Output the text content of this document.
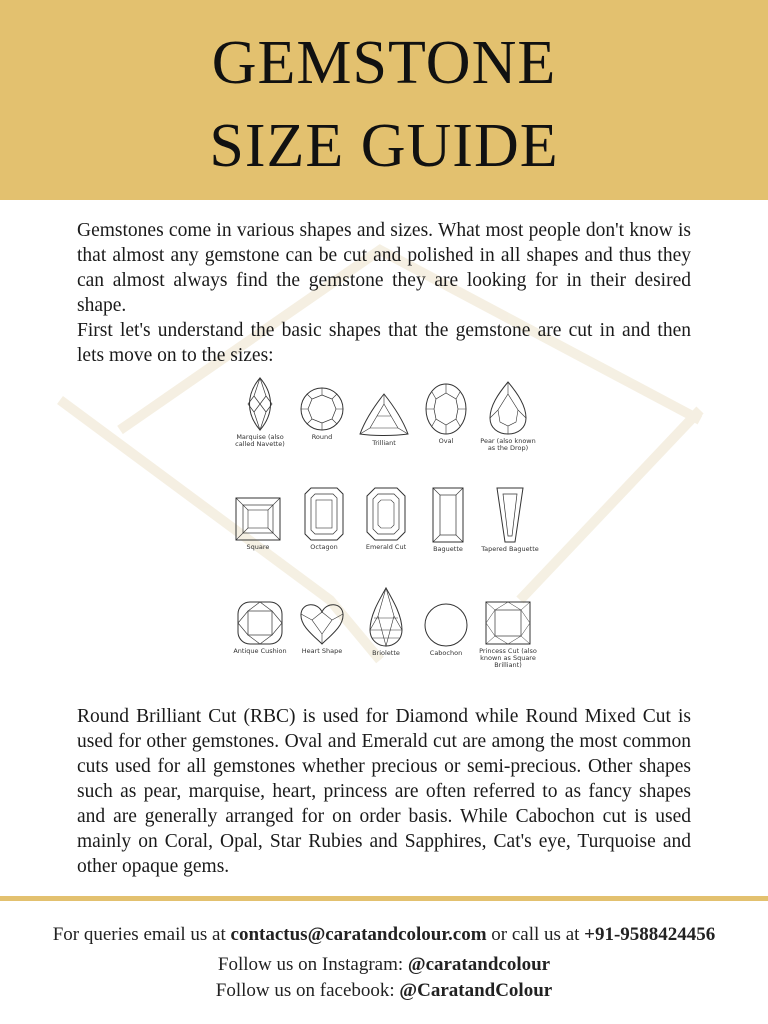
GEMSTONE
SIZE GUIDE

Gemstones come in various shapes and sizes. What most people don't know is that almost any gemstone can be cut and polished in all shapes and thus they can almost always find the gemstone they are looking for in their desired shape.

First let's understand the basic shapes that the gemstone are cut in and then lets move on to the sizes:

Marquise (also called Navette)
Round
Trilliant	Oval	Pear (also known as the Drop)
Square	Octagon	Emerald Cut	Baguette	Tapered Baguette
Antique Cushion	Heart Shape	Briolette	Cabochon	Princess Cut (also known as Square Brilliant)

Round Brilliant Cut (RBC) is used for Diamond while Round Mixed Cut is used for other gemstones. Oval and Emerald cut are among the most common cuts used for all gemstones whether precious or semi-precious. Other shapes such as pear, marquise, heart, princess are often referred to as fancy shapes and are generally arranged for on order basis. While Cabochon cut is used mainly on Coral, Opal, Star Rubies and Sapphires, Cat's eye, Turquoise and other opaque gems.

For queries email us at contactus@caratandcolour.com or call us at +91-9588424456

Follow us on Instagram: @caratandcolour

Follow us on facebook: @CaratandColour
